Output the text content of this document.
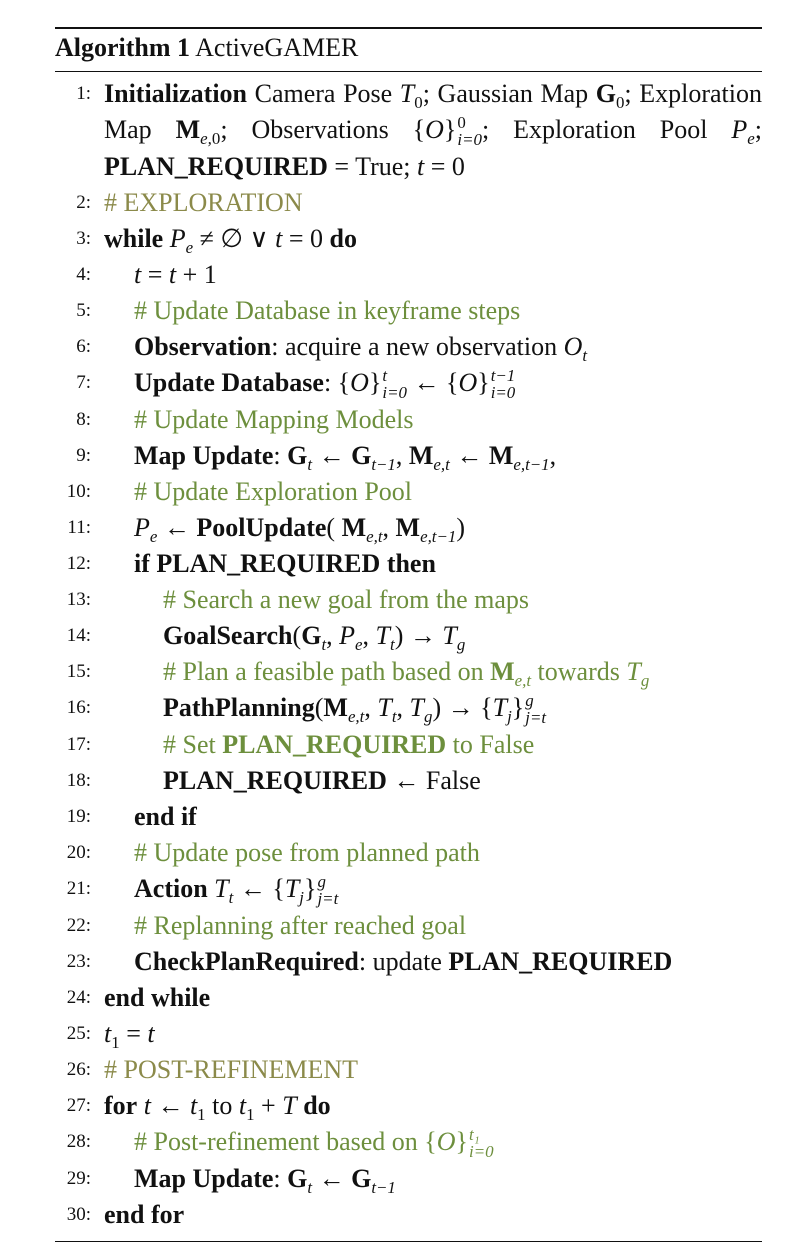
Algorithm 1 ActiveGAMER
1: Initialization Camera Pose $T_0$; Gaussian Map $G_0$; Exploration Map $M_{e,0}$; Observations {O} 0
i=0 ; Exploration Pool $P_e$; PLAN_REQUIRED = True; t = 0
2: # EXPLORATION
3: while $P_e$ ≠ ∅ ∨ t = 0 do
4:	t = t + 1
5:	# Update Database in keyframe steps
6:	Observation: acquire a new observation $O_t$
7:	Update Database: {O} t
i=0 ← {O} t−1
i=0
8:	# Update Mapping Models
9:	Map Update: $G_t$ ← $G_{t-1}$, $M_{e,t}$ ← $M_{e,t-1}$,
10:	# Update Exploration Pool
11:	$P_e$ ← PoolUpdate( $M_{e,t}$, $M_{e,t-1}$)
12:	if PLAN_REQUIRED then
13:	# Search a new goal from the maps
14:	$GoalSearch(G_t$, $P_e$, $T_t) \to T_g$
15:	# Plan a feasible path based on $M_{e,t}$ towards $T_g$
16:	$PathPlanning(M_{e,t}$, $T_t$, $T_g) \to \{T_j\}$ g
j=t
17:	# Set PLAN_REQUIRED to False
18:	PLAN_REQUIRED ← False
19:	end if
20:	# Update pose from planned path
21:	Action $T_t$ ← $\{T_j\}$ g
j=t
22:	# Replanning after reached goal
23:	CheckPlanRequired: update PLAN_REQUIRED
24: end while
25: $t_1 = t$
26: # POST-REFINEMENT
27: for t ← $t_1$ to $t_1 + T$ do
28:	# Post-refinement based on {O} t₁
i=0
29:	Map Update: $G_t$ ← $G_{t-1}$
30: end for
